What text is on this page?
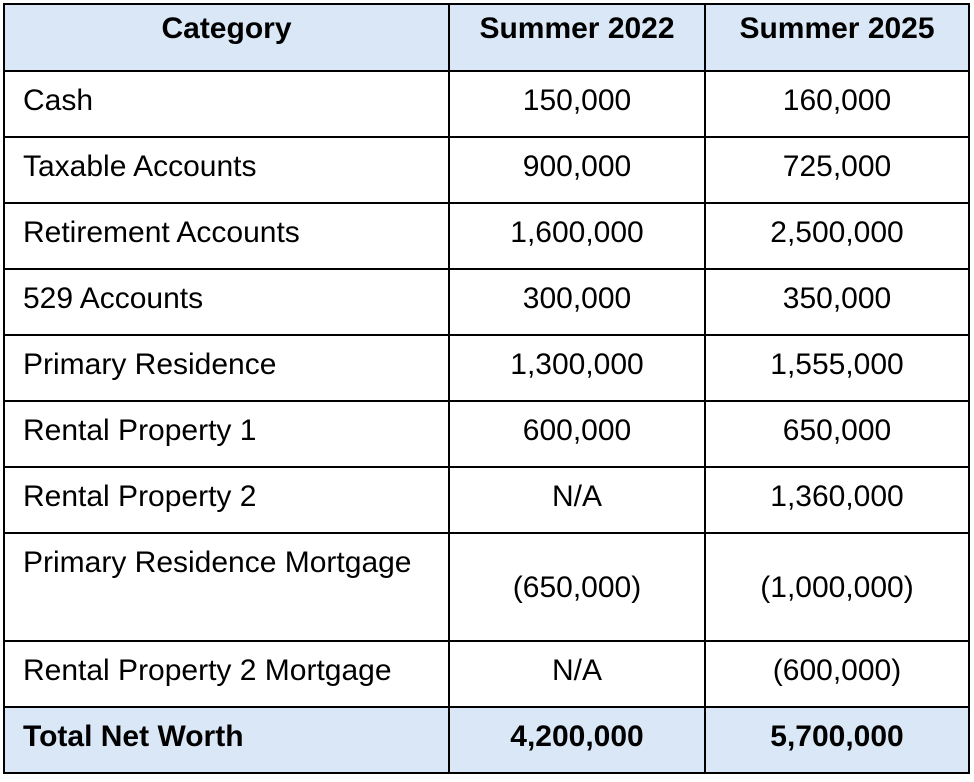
Category	Summer 2022	Summer 2025
Cash	150,000	160,000
Taxable Accounts	900,000	725,000
Retirement Accounts	1,600,000	2,500,000
529 Accounts	300,000	350,000
Primary Residence	1,300,000	1,555,000
Rental Property 1	600,000	650,000
Rental Property 2	N/A	1,360,000
Primary Residence Mortgage	(650,000)	(1,000,000)
Rental Property 2 Mortgage	N/A	(600,000)
Total Net Worth	4,200,000	5,700,000
